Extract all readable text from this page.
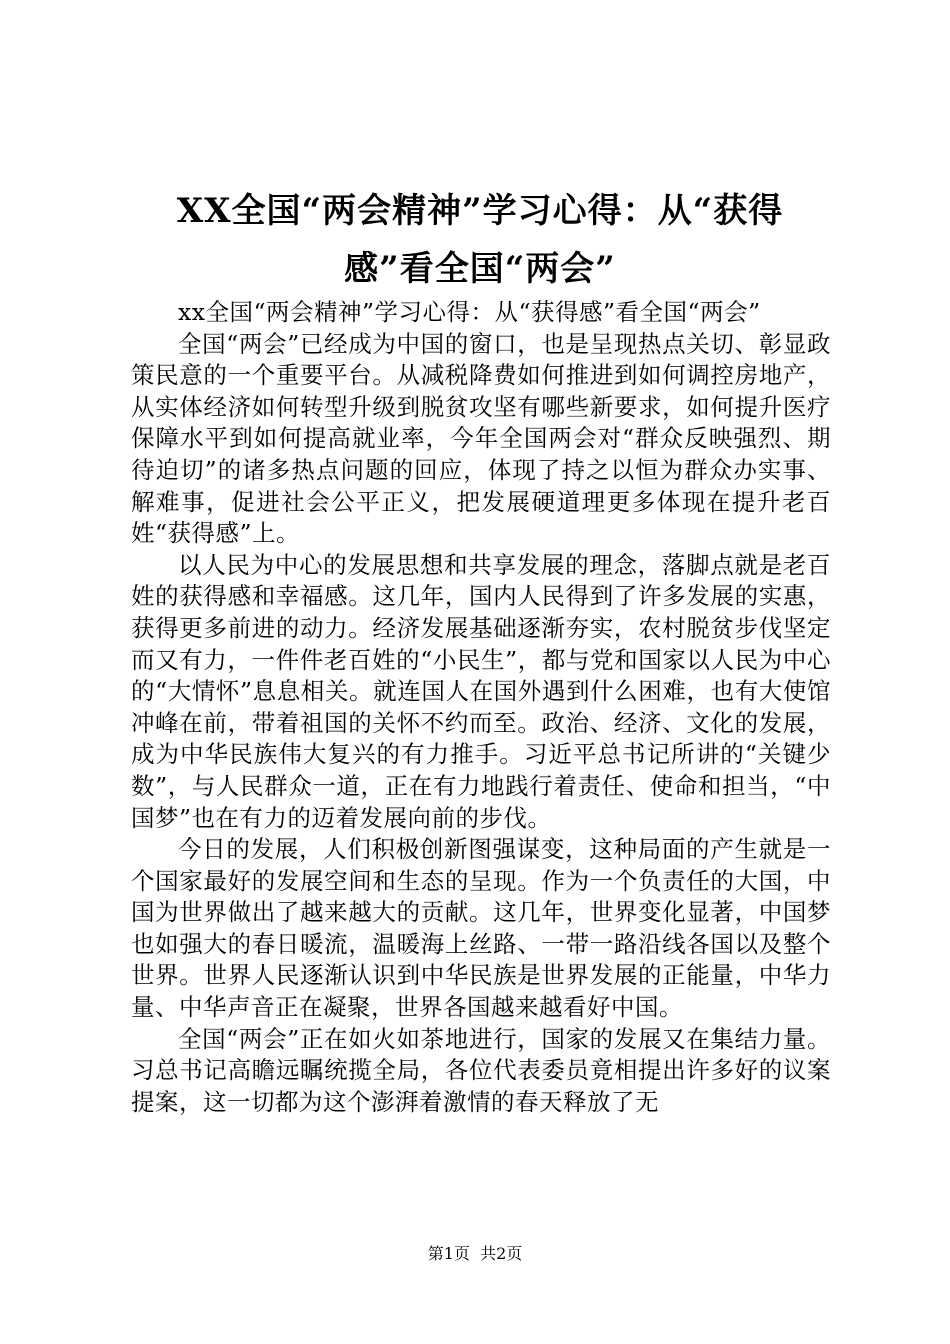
XX全国“两会精神”学习心得：从“获得
感”看全国“两会”

xx全国“两会精神”学习心得：从“获得感”看全国“两会”

全国“两会”已经成为中国的窗口，也是呈现热点关切、彰显政策民意的一个重要平台。从减税降费如何推进到如何调控房地产，从实体经济如何转型升级到脱贫攻坚有哪些新要求，如何提升医疗保障水平到如何提高就业率，今年全国两会对“群众反映强烈、期待迫切”的诸多热点问题的回应，体现了持之以恒为群众办实事、解难事，促进社会公平正义，把发展硬道理更多体现在提升老百姓“获得感”上。

以人民为中心的发展思想和共享发展的理念，落脚点就是老百姓的获得感和幸福感。这几年，国内人民得到了许多发展的实惠，获得更多前进的动力。经济发展基础逐渐夯实，农村脱贫步伐坚定而又有力，一件件老百姓的“小民生”，都与党和国家以人民为中心的“大情怀”息息相关。就连国人在国外遇到什么困难，也有大使馆冲峰在前，带着祖国的关怀不约而至。政治、经济、文化的发展，成为中华民族伟大复兴的有力推手。习近平总书记所讲的“关键少数”，与人民群众一道，正在有力地践行着责任、使命和担当，“中国梦”也在有力的迈着发展向前的步伐。

今日的发展，人们积极创新图强谋变，这种局面的产生就是一个国家最好的发展空间和生态的呈现。作为一个负责任的大国，中国为世界做出了越来越大的贡献。这几年，世界变化显著，中国梦也如强大的春日暖流，温暖海上丝路、一带一路沿线各国以及整个世界。世界人民逐渐认识到中华民族是世界发展的正能量，中华力量、中华声音正在凝聚，世界各国越来越看好中国。

全国“两会”正在如火如茶地进行，国家的发展又在集结力量。习总书记高瞻远瞩统揽全局，各位代表委员竟相提出许多好的议案提案，这一切都为这个澎湃着激情的春天释放了无

第1页  共2页
